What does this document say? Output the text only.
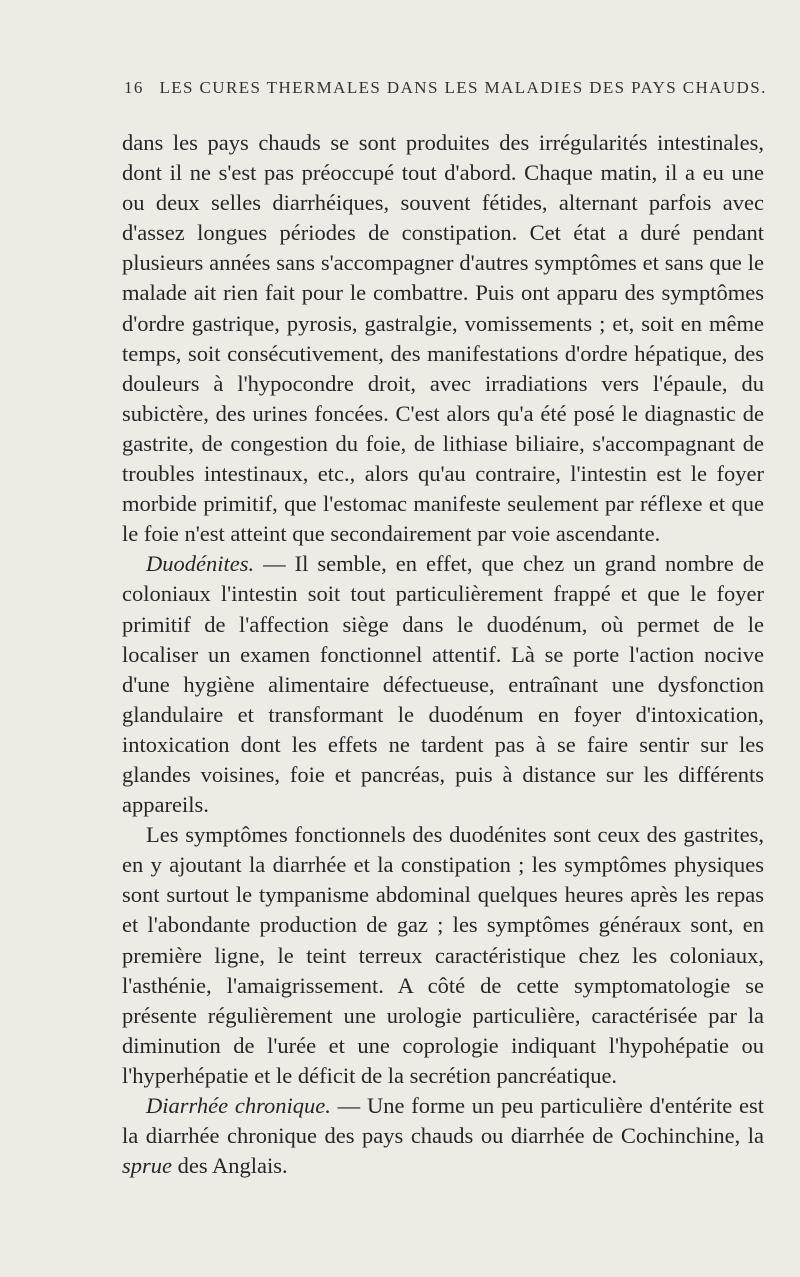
16 LES CURES THERMALES DANS LES MALADIES DES PAYS CHAUDS.

dans les pays chauds se sont produites des irrégularités intestinales, dont il ne s'est pas préoccupé tout d'abord. Chaque matin, il a eu une ou deux selles diarrhéiques, souvent fétides, alternant parfois avec d'assez longues périodes de constipation. Cet état a duré pendant plusieurs années sans s'accompagner d'autres symptômes et sans que le malade ait rien fait pour le combattre. Puis ont apparu des symptômes d'ordre gastrique, pyrosis, gastralgie, vomissements ; et, soit en même temps, soit consécutivement, des manifestations d'ordre hépatique, des douleurs à l'hypocondre droit, avec irradiations vers l'épaule, du subictère, des urines foncées. C'est alors qu'a été posé le diagnastic de gastrite, de congestion du foie, de lithiase biliaire, s'accompagnant de troubles intestinaux, etc., alors qu'au contraire, l'intestin est le foyer morbide primitif, que l'estomac manifeste seulement par réflexe et que le foie n'est atteint que secondairement par voie ascendante.

Duodénites. — Il semble, en effet, que chez un grand nombre de coloniaux l'intestin soit tout particulièrement frappé et que le foyer primitif de l'affection siège dans le duodénum, où permet de le localiser un examen fonctionnel attentif. Là se porte l'action nocive d'une hygiène alimentaire défectueuse, entraînant une dysfonction glandulaire et transformant le duodénum en foyer d'intoxication, intoxication dont les effets ne tardent pas à se faire sentir sur les glandes voisines, foie et pancréas, puis à distance sur les différents appareils.

Les symptômes fonctionnels des duodénites sont ceux des gastrites, en y ajoutant la diarrhée et la constipation ; les symptômes physiques sont surtout le tympanisme abdominal quelques heures après les repas et l'abondante production de gaz ; les symptômes généraux sont, en première ligne, le teint terreux caractéristique chez les coloniaux, l'asthénie, l'amaigrissement. A côté de cette symptomatologie se présente régulièrement une urologie particulière, caractérisée par la diminution de l'urée et une coprologie indiquant l'hypohépatie ou l'hyperhépatie et le déficit de la secrétion pancréatique.

Diarrhée chronique. — Une forme un peu particulière d'entérite est la diarrhée chronique des pays chauds ou diarrhée de Cochinchine, la sprue des Anglais.
